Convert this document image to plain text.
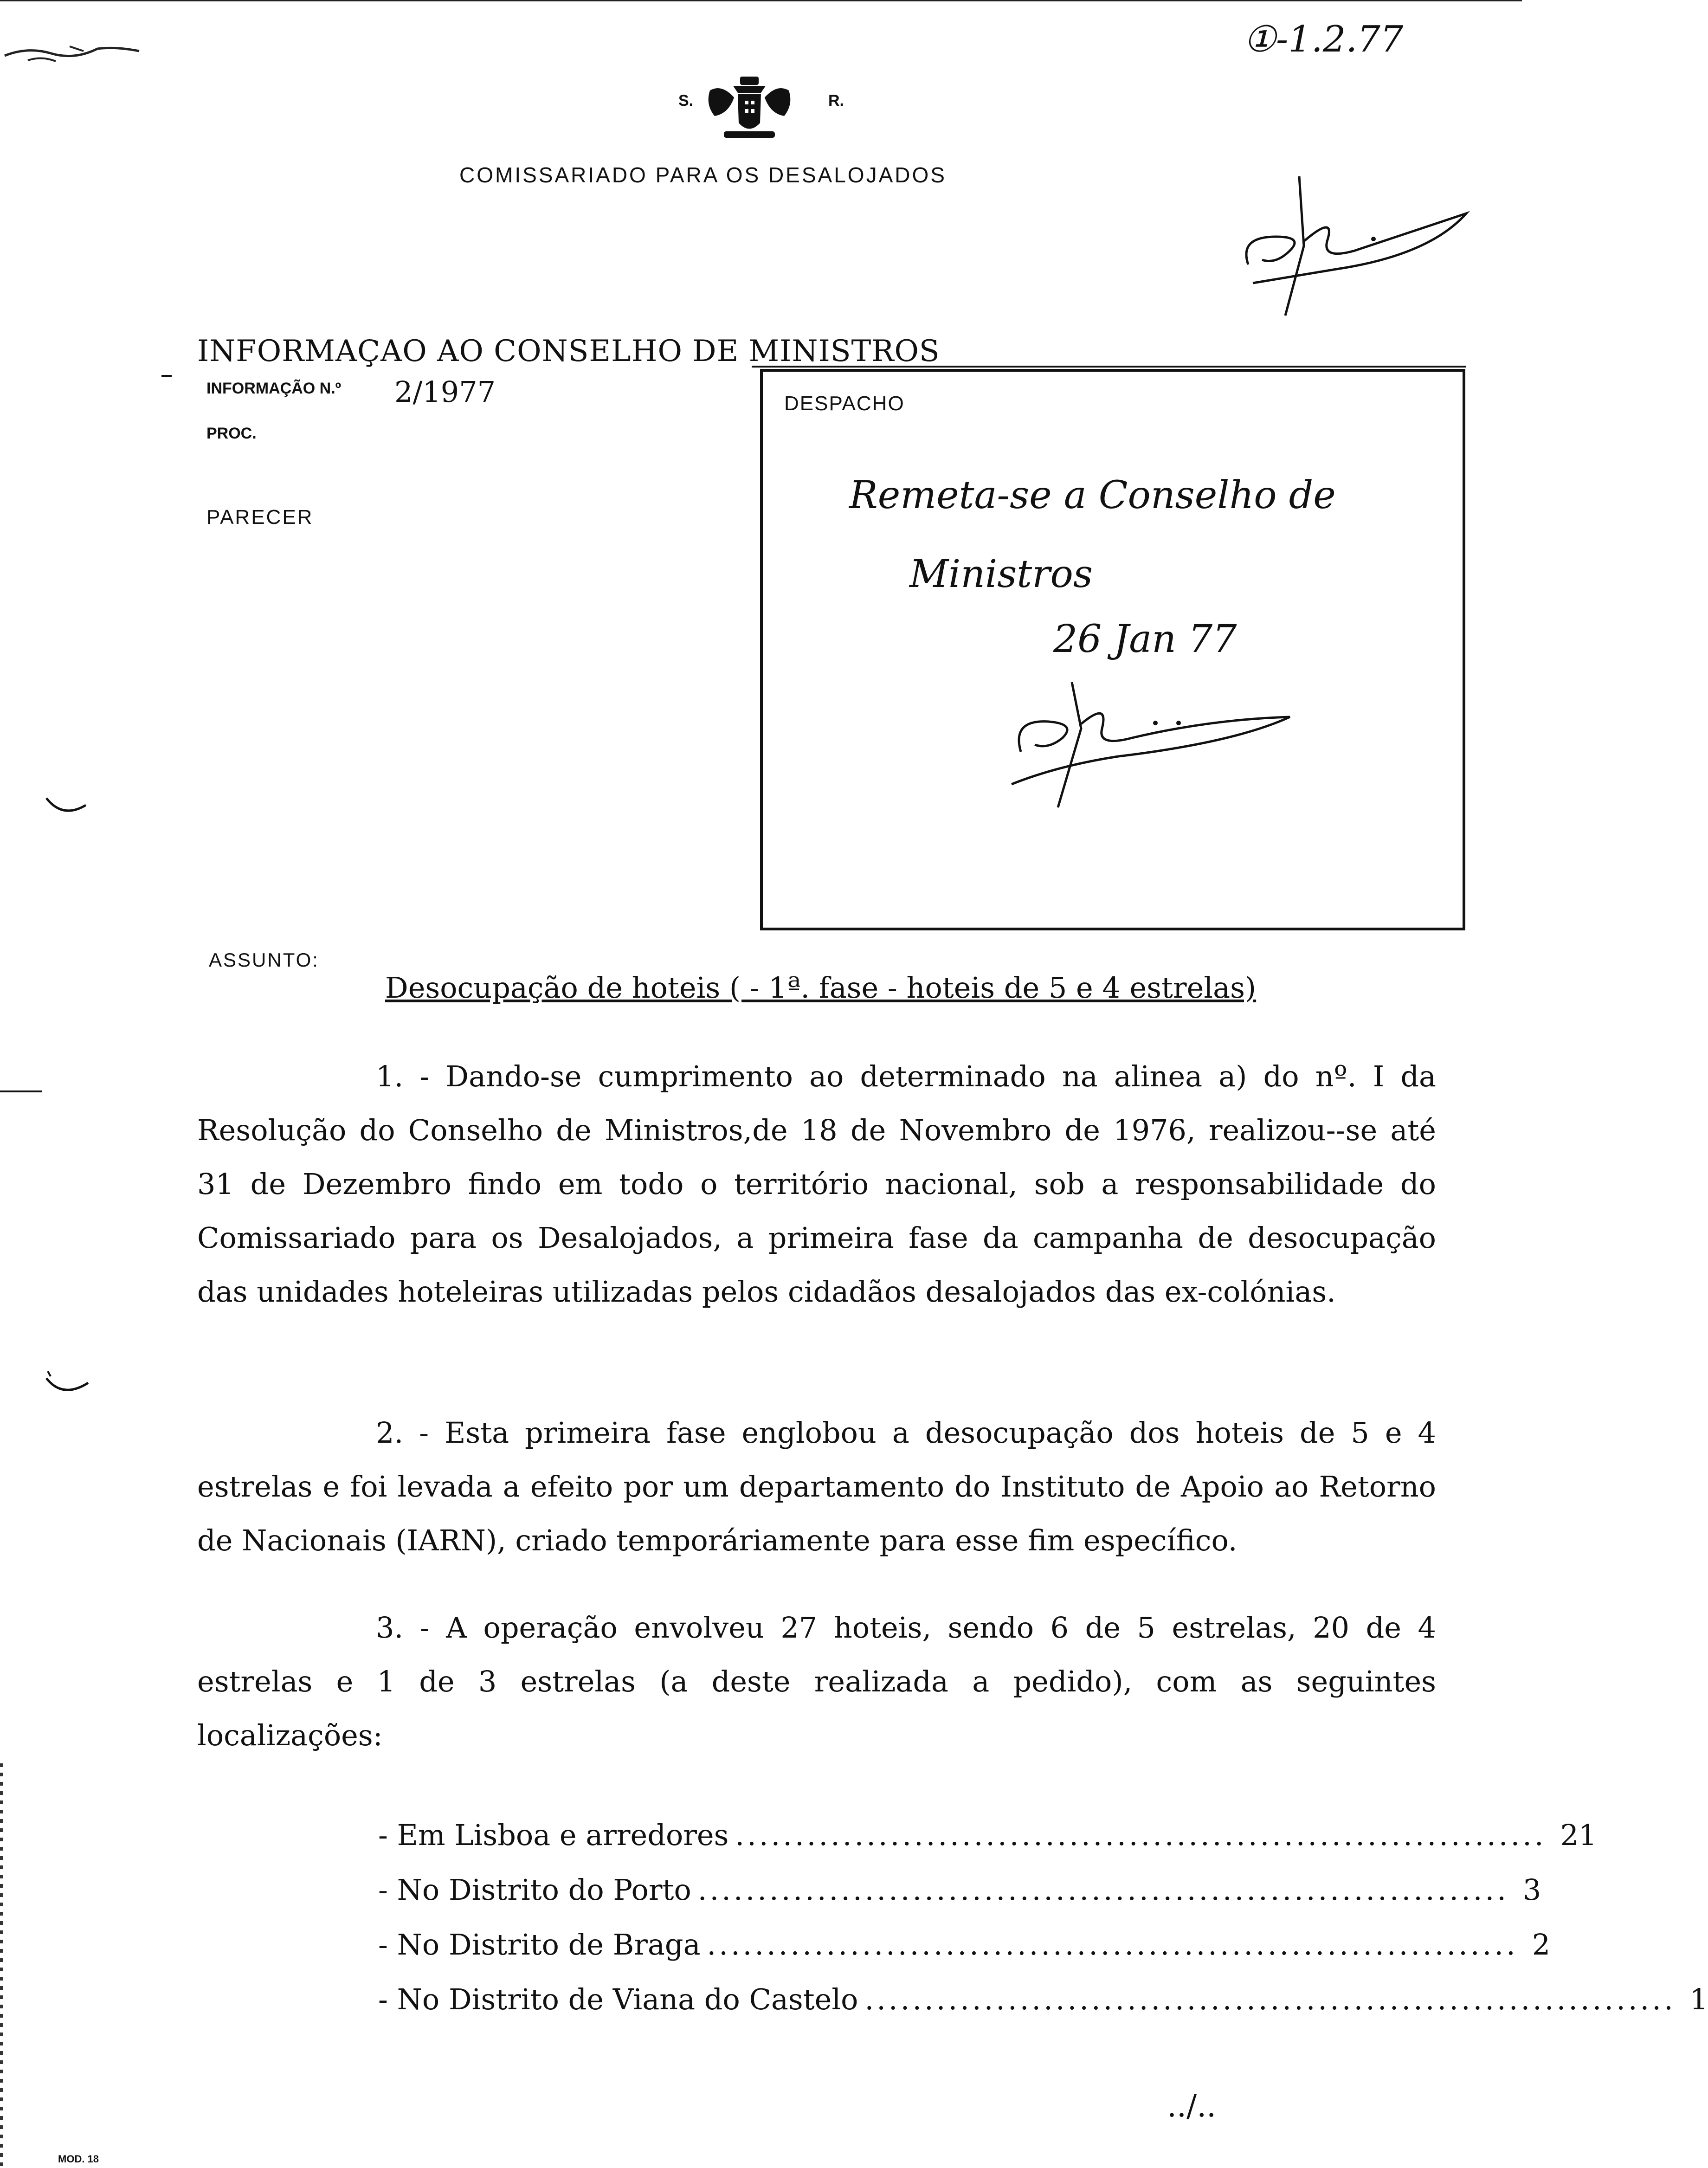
S.	R.
COMISSARIADO PARA OS DESALOJADOS
①-1.2.77
INFORMAÇAO AO CONSELHO DE MINISTROS
INFORMAÇÃO N.º 2/1977
PROC.
PARECER
DESPACHO
Remeta-se a Conselho de
Ministros
26 Jan 77
ASSUNTO:
Desocupação de hoteis ( - 1ª. fase - hoteis de 5 e 4 estrelas)

1. - Dando-se cumprimento ao determinado na alinea a) do nº. I da Resolução do Conselho de Ministros,de 18 de Novembro de 1976, realizou--se até 31 de Dezembro findo em todo o território nacional, sob a responsabilidade do Comissariado para os Desalojados, a primeira fase da campanha de desocupação das unidades hoteleiras utilizadas pelos cidadãos desalojados das ex-colónias.

2. - Esta primeira fase englobou a desocupação dos hoteis de 5 e 4 estrelas e foi levada a efeito por um departamento do Instituto de Apoio ao Retorno de Nacionais (IARN), criado temporáriamente para esse fim específico.

3. - A operação envolveu 27 hoteis, sendo 6 de 5 estrelas, 20 de 4 estrelas e 1 de 3 estrelas (a deste realizada a pedido), com as seguintes localizações:

- Em Lisboa e arredores .................................................................... 21
- No Distrito do Porto .................................................................... 3
- No Distrito de Braga .................................................................... 2
- No Distrito de Viana do Castelo .................................................................... 1
../..
MOD. 18
